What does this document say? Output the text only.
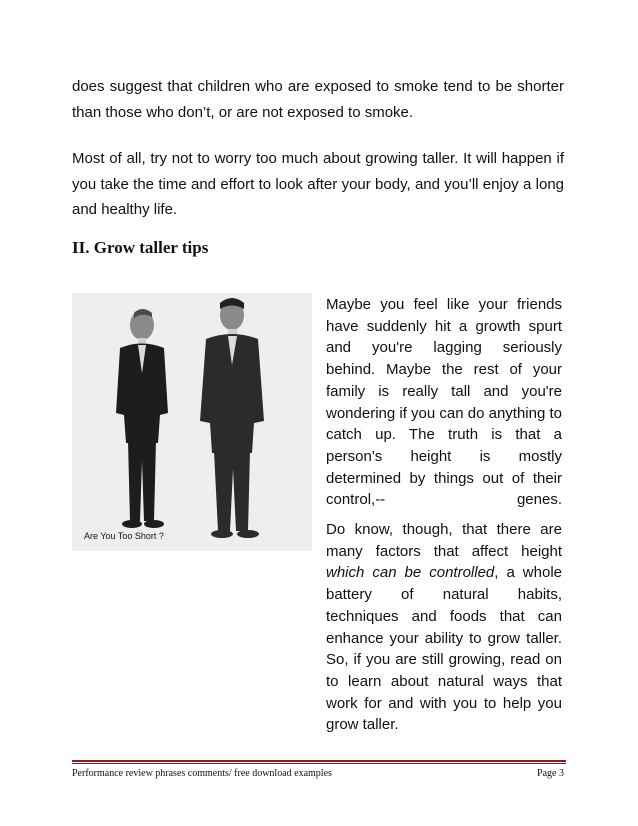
does suggest that children who are exposed to smoke tend to be shorter than those who don’t, or are not exposed to smoke.

Most of all, try not to worry too much about growing taller. It will happen if you take the time and effort to look after your body, and you’ll enjoy a long and healthy life.

II. Grow taller tips
Are You Too Short ?

Maybe you feel like your friends have suddenly hit a growth spurt and you're lagging seriously behind. Maybe the rest of your family is really tall and you're wondering if you can do anything to catch up. The truth is that a person's height is mostly determined by things out of their control,-- genes.

Do know, though, that there are many factors that affect height which can be controlled, a whole battery of natural habits, techniques and foods that can enhance your ability to grow taller. So, if you are still growing, read on to learn about natural ways that work for and with you to help you grow taller.

Performance review phrases comments/ free download examples	Page 3
